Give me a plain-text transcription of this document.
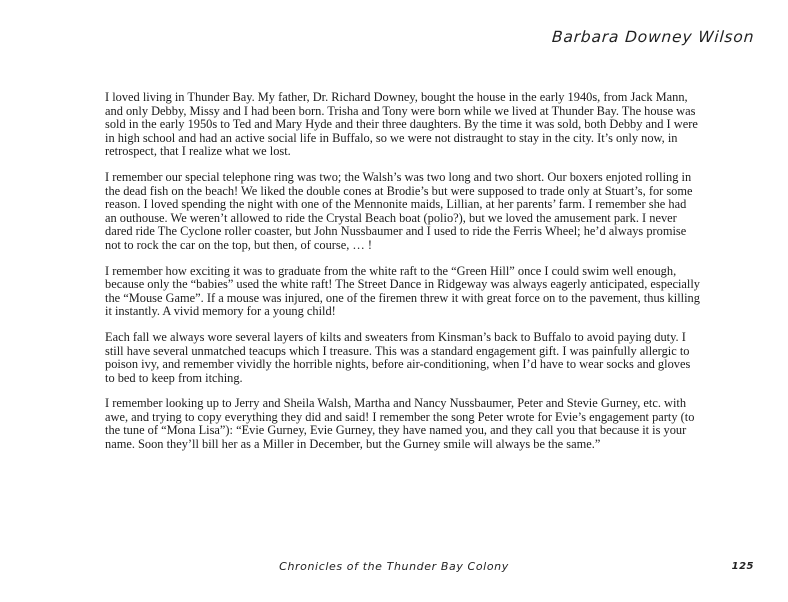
Barbara Downey Wilson

I loved living in Thunder Bay. My father, Dr. Richard Downey, bought the house in the early 1940s, from Jack Mann, and only Debby, Missy and I had been born. Trisha and Tony were born while we lived at Thunder Bay. The house was sold in the early 1950s to Ted and Mary Hyde and their three daughters. By the time it was sold, both Debby and I were in high school and had an active social life in Buffalo, so we were not distraught to stay in the city. It’s only now, in retrospect, that I realize what we lost.

I remember our special telephone ring was two; the Walsh’s was two long and two short. Our boxers enjoted rolling in the dead fish on the beach! We liked the double cones at Brodie’s but were supposed to trade only at Stuart’s, for some reason. I loved spending the night with one of the Mennonite maids, Lillian, at her parents’ farm. I remember she had an outhouse. We weren’t allowed to ride the Crystal Beach boat (polio?), but we loved the amusement park. I never dared ride The Cyclone roller coaster, but John Nussbaumer and I used to ride the Ferris Wheel; he’d always promise not to rock the car on the top, but then, of course, … !

I remember how exciting it was to graduate from the white raft to the “Green Hill” once I could swim well enough, because only the “babies” used the white raft! The Street Dance in Ridgeway was always eagerly anticipated, especially the “Mouse Game”. If a mouse was injured, one of the firemen threw it with great force on to the pavement, thus killing it instantly. A vivid memory for a young child!

Each fall we always wore several layers of kilts and sweaters from Kinsman’s back to Buffalo to avoid paying duty. I still have several unmatched teacups which I treasure. This was a standard engagement gift. I was painfully allergic to poison ivy, and remember vividly the horrible nights, before air-conditioning, when I’d have to wear socks and gloves to bed to keep from itching.

I remember looking up to Jerry and Sheila Walsh, Martha and Nancy Nussbaumer, Peter and Stevie Gurney, etc. with awe, and trying to copy everything they did and said! I remember the song Peter wrote for Evie’s engagement party (to the tune of “Mona Lisa”): “Evie Gurney, Evie Gurney, they have named you, and they call you that because it is your name. Soon they’ll bill her as a Miller in December, but the Gurney smile will always be the same.”

Chronicles of the Thunder Bay Colony	125
